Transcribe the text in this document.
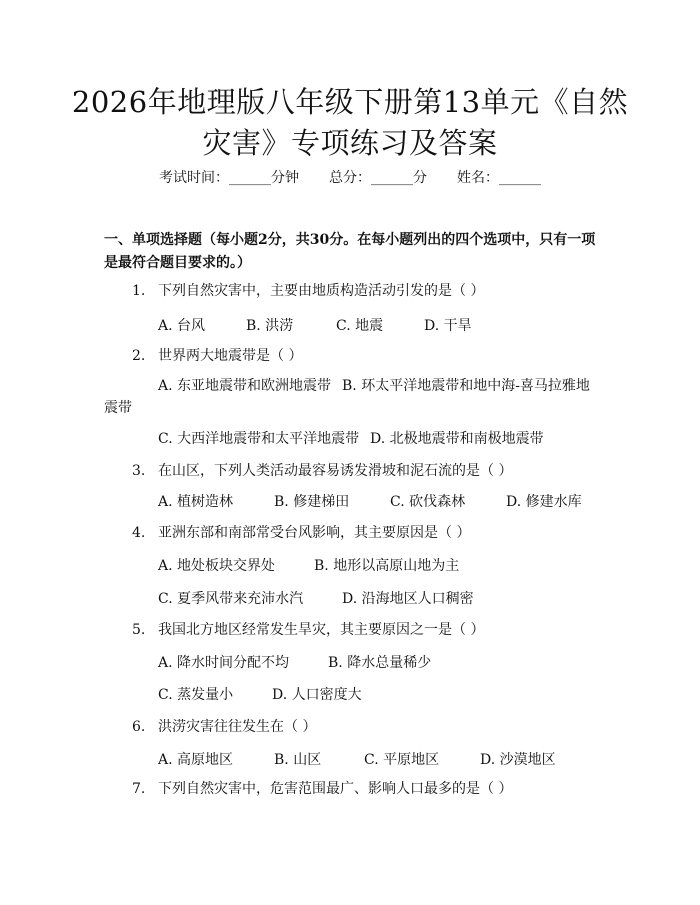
2026年地理版八年级下册第13单元《自然灾害》专项练习及答案
考试时间：______分钟 总分：______分 姓名：______
一、单项选择题（每小题2分，共30分。在每小题列出的四个选项中，只有一项是最符合题目要求的。）
1. 下列自然灾害中，主要由地质构造活动引发的是（ ）
A. 台风	B. 洪涝	C. 地震	D. 干旱
2. 世界两大地震带是（ ）
A. 东亚地震带和欧洲地震带 B. 环太平洋地震带和地中海-喜马拉雅地
震带
C. 大西洋地震带和太平洋地震带 D. 北极地震带和南极地震带
3. 在山区，下列人类活动最容易诱发滑坡和泥石流的是（ ）
A. 植树造林	B. 修建梯田	C. 砍伐森林	D. 修建水库
4. 亚洲东部和南部常受台风影响，其主要原因是（ ）
A. 地处板块交界处	B. 地形以高原山地为主
C. 夏季风带来充沛水汽	D. 沿海地区人口稠密
5. 我国北方地区经常发生旱灾，其主要原因之一是（ ）
A. 降水时间分配不均	B. 降水总量稀少
C. 蒸发量小	D. 人口密度大
6. 洪涝灾害往往发生在（ ）
A. 高原地区	B. 山区	C. 平原地区	D. 沙漠地区
7. 下列自然灾害中，危害范围最广、影响人口最多的是（ ）
